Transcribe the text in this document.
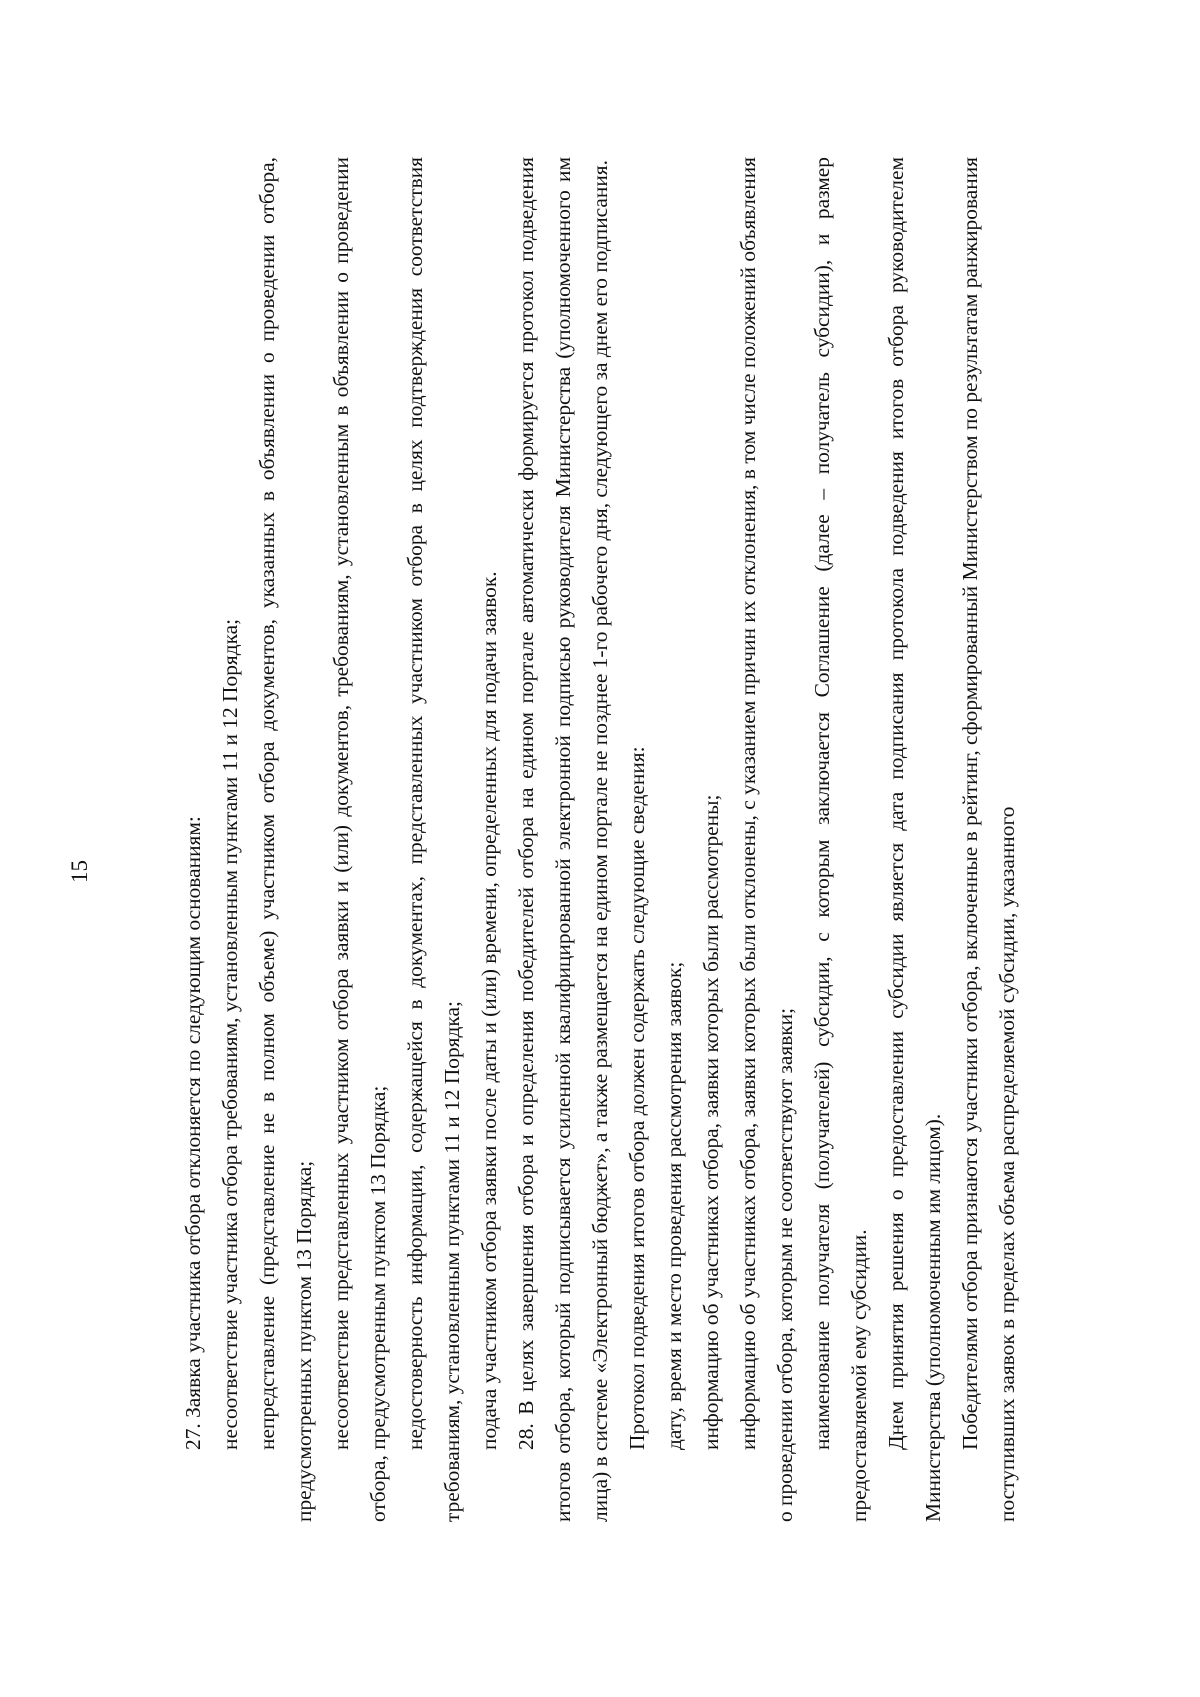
15	27. Заявка участника отбора отклоняется по следующим основаниям: несоответствие участника отбора требованиям, установленным пунктами 11 и 12 Порядка; непредставление (представление не в полном объеме) участником отбора документов, указанных в объявлении о проведении отбора, предусмотренных пунктом 13 Порядка; несоответствие представленных участником отбора заявки и (или) документов, требованиям, установленным в объявлении о проведении отбора, предусмотренным пунктом 13 Порядка; недостоверность информации, содержащейся в документах, представленных участником отбора в целях подтверждения соответствия требованиям, установленным пунктами 11 и 12 Порядка; подача участником отбора заявки после даты и (или) времени, определенных для подачи заявок. 28. В целях завершения отбора и определения победителей отбора на едином портале автоматически формируется протокол подведения итогов отбора, который подписывается усиленной квалифицированной электронной подписью руководителя Министерства (уполномоченного им лица) в системе «Электронный бюджет», а также размещается на едином портале не позднее 1-го рабочего дня, следующего за днем его подписания. Протокол подведения итогов отбора должен содержать следующие сведения: дату, время и место проведения рассмотрения заявок; информацию об участниках отбора, заявки которых были рассмотрены; информацию об участниках отбора, заявки которых были отклонены, с указанием причин их отклонения, в том числе положений объявления о проведении отбора, которым не соответствуют заявки; наименование получателя (получателей) субсидии, с которым заключается Соглашение (далее – получатель субсидии), и размер предоставляемой ему субсидии. Днем принятия решения о предоставлении субсидии является дата подписания протокола подведения итогов отбора руководителем Министерства (уполномоченным им лицом). Победителями отбора признаются участники отбора, включенные в рейтинг, сформированный Министерством по результатам ранжирования поступивших заявок в пределах объема распределяемой субсидии, указанного
